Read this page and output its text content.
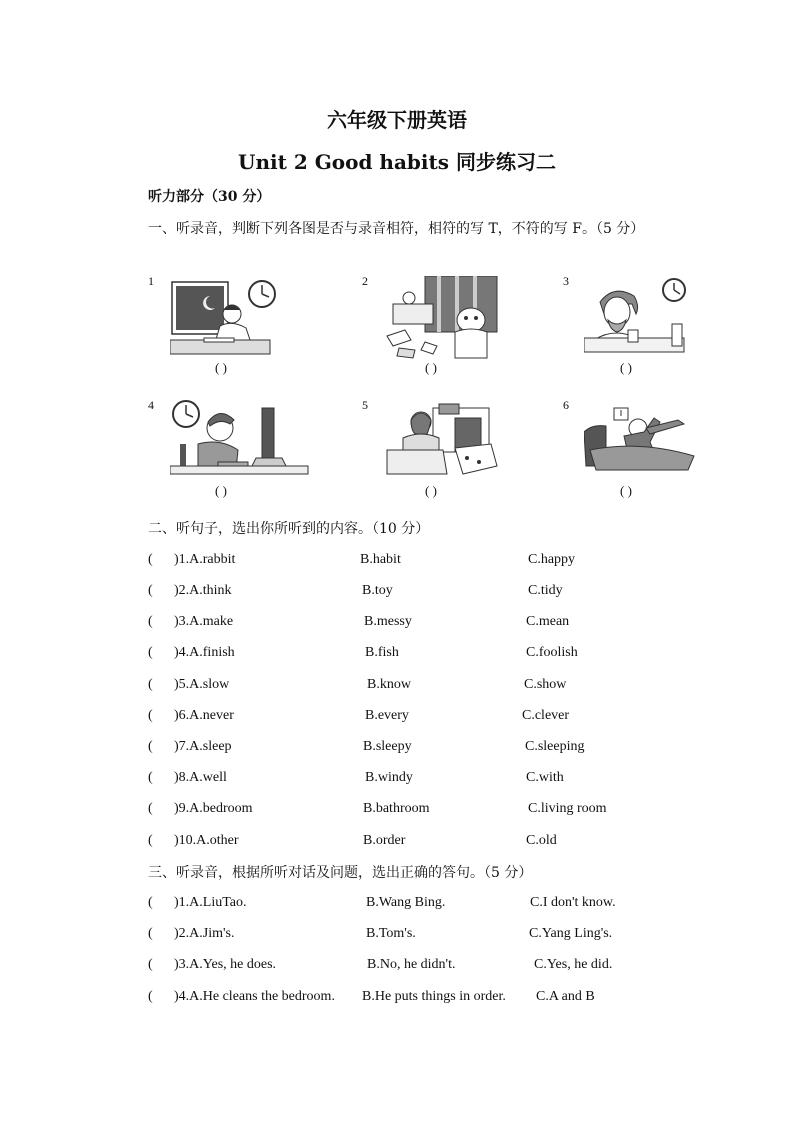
六年级下册英语
Unit 2 Good habits 同步练习二
听力部分（30 分）
一、听录音，判断下列各图是否与录音相符，相符的写 T，不符的写 F。（5 分）
1
( )
2
( )
3
( )
4
( )
5
( )
6
( )
二、听句子，选出你所听到的内容。（10 分）
( )1.A.rabbit	B.habit	C.happy
( )2.A.think	B.toy	C.tidy
( )3.A.make	B.messy	C.mean
( )4.A.finish	B.fish	C.foolish
( )5.A.slow	B.know	C.show
( )6.A.never	B.every	C.clever
( )7.A.sleep	B.sleepy	C.sleeping
( )8.A.well	B.windy	C.with
( )9.A.bedroom	B.bathroom	C.living room
( )10.A.other	B.order	C.old
三、听录音，根据所听对话及问题，选出正确的答句。（5 分）
( )1.A.LiuTao.	B.Wang Bing.	C.I don't know.
( )2.A.Jim's.	B.Tom's.	C.Yang Ling's.
( )3.A.Yes, he does.	B.No, he didn't.	C.Yes, he did.
( )4.A.He cleans the bedroom. B.He puts things in order. C.A and B
